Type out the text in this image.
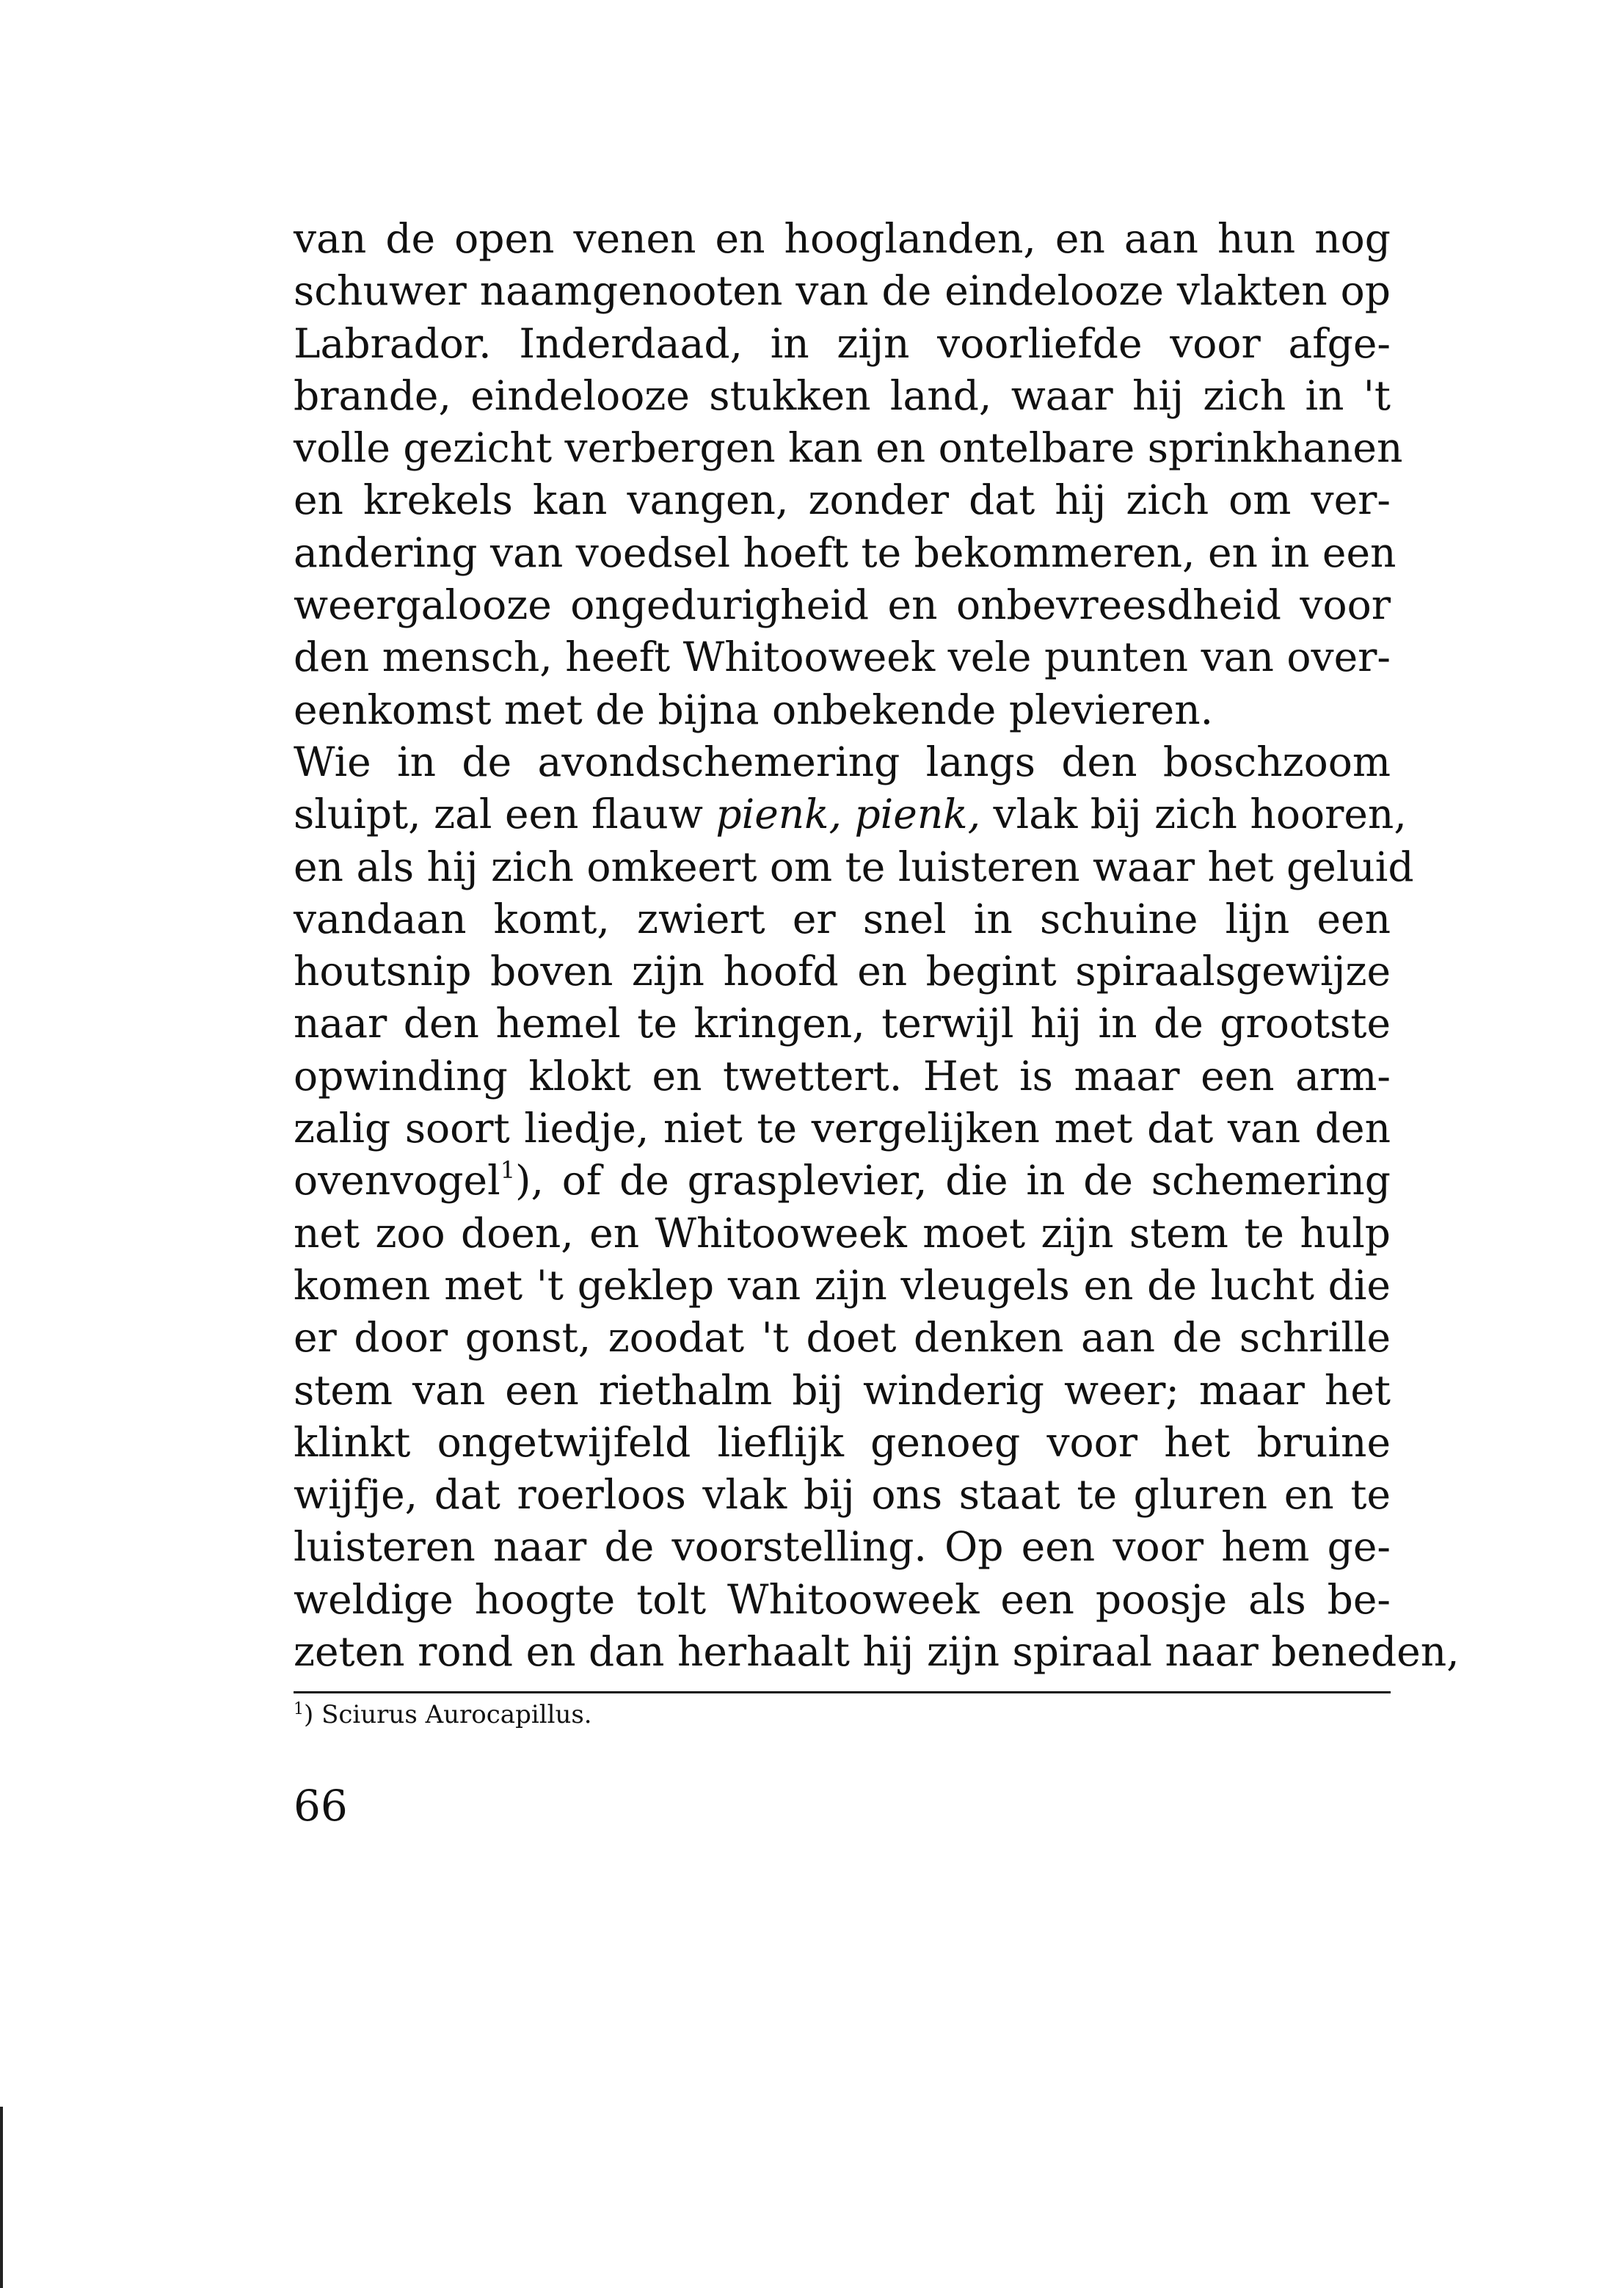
van de open venen en hooglanden, en aan hun nog
schuwer naamgenooten van de eindelooze vlakten op
Labrador. Inderdaad, in zijn voorliefde voor afge-
brande, eindelooze stukken land, waar hij zich in 't
volle gezicht verbergen kan en ontelbare sprinkhanen
en krekels kan vangen, zonder dat hij zich om ver-
andering van voedsel hoeft te bekommeren, en in een
weergalooze ongedurigheid en onbevreesdheid voor
den mensch, heeft Whitooweek vele punten van over-
eenkomst met de bijna onbekende plevieren.
Wie in de avondschemering langs den boschzoom
sluipt, zal een flauw pienk, pienk, vlak bij zich hooren,
en als hij zich omkeert om te luisteren waar het geluid
vandaan komt, zwiert er snel in schuine lijn een
houtsnip boven zijn hoofd en begint spiraalsgewijze
naar den hemel te kringen, terwijl hij in de grootste
opwinding klokt en twettert. Het is maar een arm-
zalig soort liedje, niet te vergelijken met dat van den
ovenvogel$^1$), of de grasplevier, die in de schemering
net zoo doen, en Whitooweek moet zijn stem te hulp
komen met 't geklep van zijn vleugels en de lucht die
er door gonst, zoodat 't doet denken aan de schrille
stem van een riethalm bij winderig weer; maar het
klinkt ongetwijfeld lieflijk genoeg voor het bruine
wijfje, dat roerloos vlak bij ons staat te gluren en te
luisteren naar de voorstelling. Op een voor hem ge-
weldige hoogte tolt Whitooweek een poosje als be-
zeten rond en dan herhaalt hij zijn spiraal naar beneden,
$^1$) Sciurus Aurocapillus.
66
